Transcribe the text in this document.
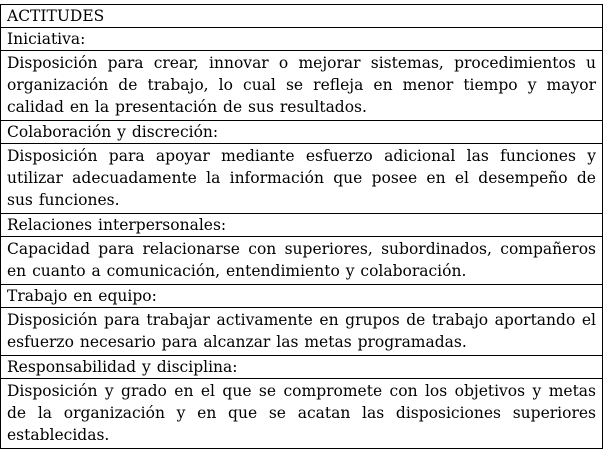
ACTITUDES
Iniciativa:
Disposición para crear, innovar o mejorar sistemas, procedimientos u organización de trabajo, lo cual se refleja en menor tiempo y mayor calidad en la presentación de sus resultados.
Colaboración y discreción:
Disposición para apoyar mediante esfuerzo adicional las funciones y utilizar adecuadamente la información que posee en el desempeño de sus funciones.
Relaciones interpersonales:
Capacidad para relacionarse con superiores, subordinados, compañeros en cuanto a comunicación, entendimiento y colaboración.
Trabajo en equipo:
Disposición para trabajar activamente en grupos de trabajo aportando el esfuerzo necesario para alcanzar las metas programadas.
Responsabilidad y disciplina:
Disposición y grado en el que se compromete con los objetivos y metas de la organización y en que se acatan las disposiciones superiores establecidas.
